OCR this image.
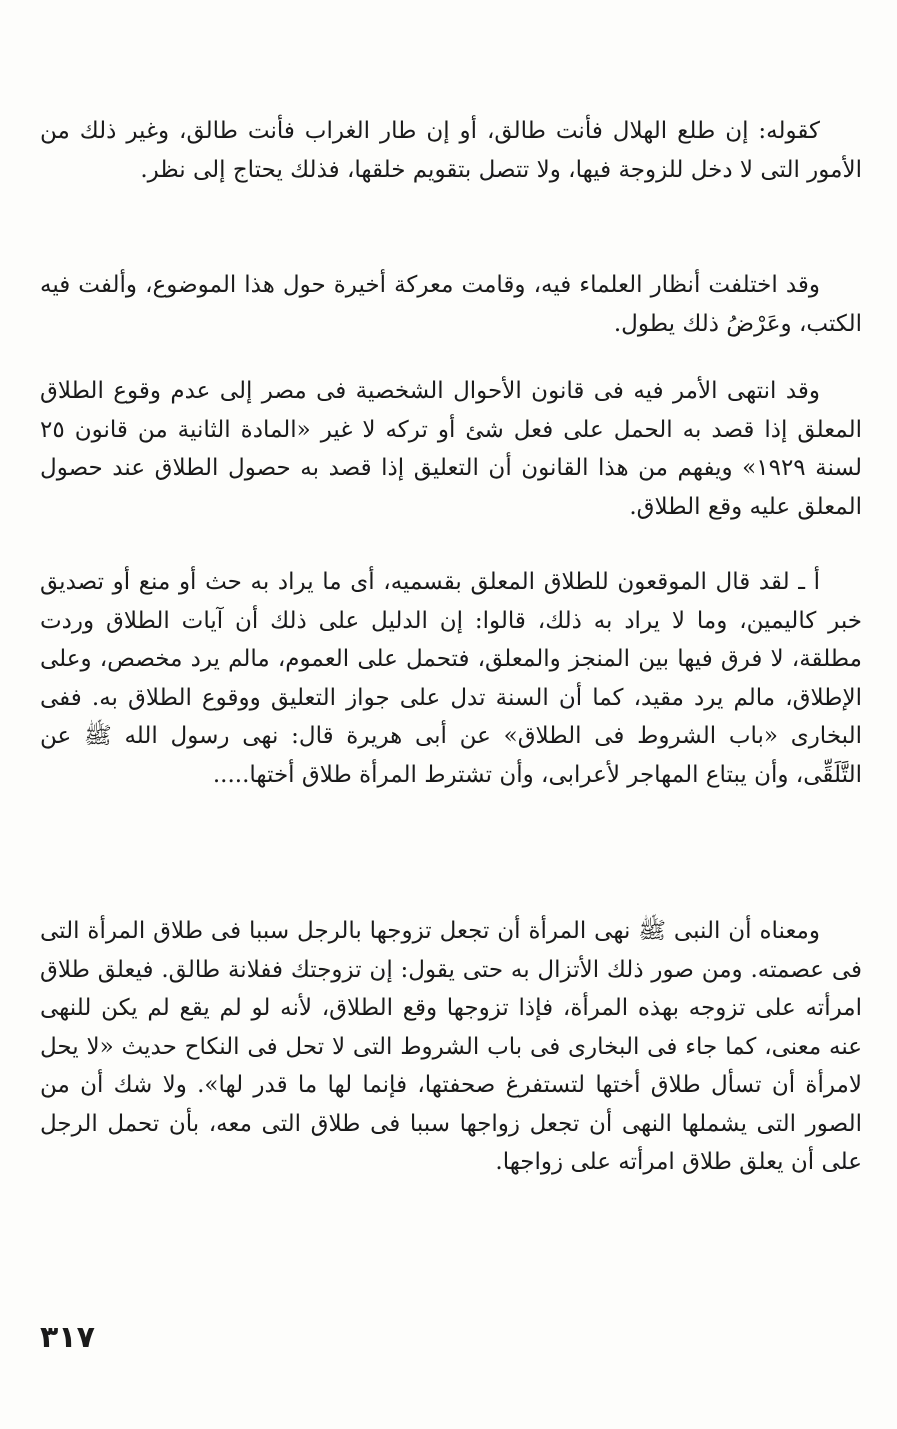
كقوله: إن طلع الهلال فأنت طالق، أو إن طار الغراب فأنت طالق، وغير ذلك من الأمور التى لا دخل للزوجة فيها، ولا تتصل بتقويم خلقها، فذلك يحتاج إلى نظر.

وقد اختلفت أنظار العلماء فيه، وقامت معركة أخيرة حول هذا الموضوع، وألفت فيه الكتب، وعَرْضُ ذلك يطول.

وقد انتهى الأمر فيه فى قانون الأحوال الشخصية فى مصر إلى عدم وقوع الطلاق المعلق إذا قصد به الحمل على فعل شئ أو تركه لا غير «المادة الثانية من قانون ٢٥ لسنة ١٩٢٩» ويفهم من هذا القانون أن التعليق إذا قصد به حصول الطلاق عند حصول المعلق عليه وقع الطلاق.

أ ـ لقد قال الموقعون للطلاق المعلق بقسميه، أى ما يراد به حث أو منع أو تصديق خبر كاليمين، وما لا يراد به ذلك، قالوا: إن الدليل على ذلك أن آيات الطلاق وردت مطلقة، لا فرق فيها بين المنجز والمعلق، فتحمل على العموم، مالم يرد مخصص، وعلى الإطلاق، مالم يرد مقيد، كما أن السنة تدل على جواز التعليق ووقوع الطلاق به. ففى البخارى «باب الشروط فى الطلاق» عن أبى هريرة قال: نهى رسول الله ﷺ عن التَّلَقِّى، وأن يبتاع المهاجر لأعرابى، وأن تشترط المرأة طلاق أختها.....

ومعناه أن النبى ﷺ نهى المرأة أن تجعل تزوجها بالرجل سببا فى طلاق المرأة التى فى عصمته. ومن صور ذلك الأتزال به حتى يقول: إن تزوجتك ففلانة طالق. فيعلق طلاق امرأته على تزوجه بهذه المرأة، فإذا تزوجها وقع الطلاق، لأنه لو لم يقع لم يكن للنهى عنه معنى، كما جاء فى البخارى فى باب الشروط التى لا تحل فى النكاح حديث «لا يحل لامرأة أن تسأل طلاق أختها لتستفرغ صحفتها، فإنما لها ما قدر لها». ولا شك أن من الصور التى يشملها النهى أن تجعل زواجها سببا فى طلاق التى معه، بأن تحمل الرجل على أن يعلق طلاق امرأته على زواجها.

٣١٧
